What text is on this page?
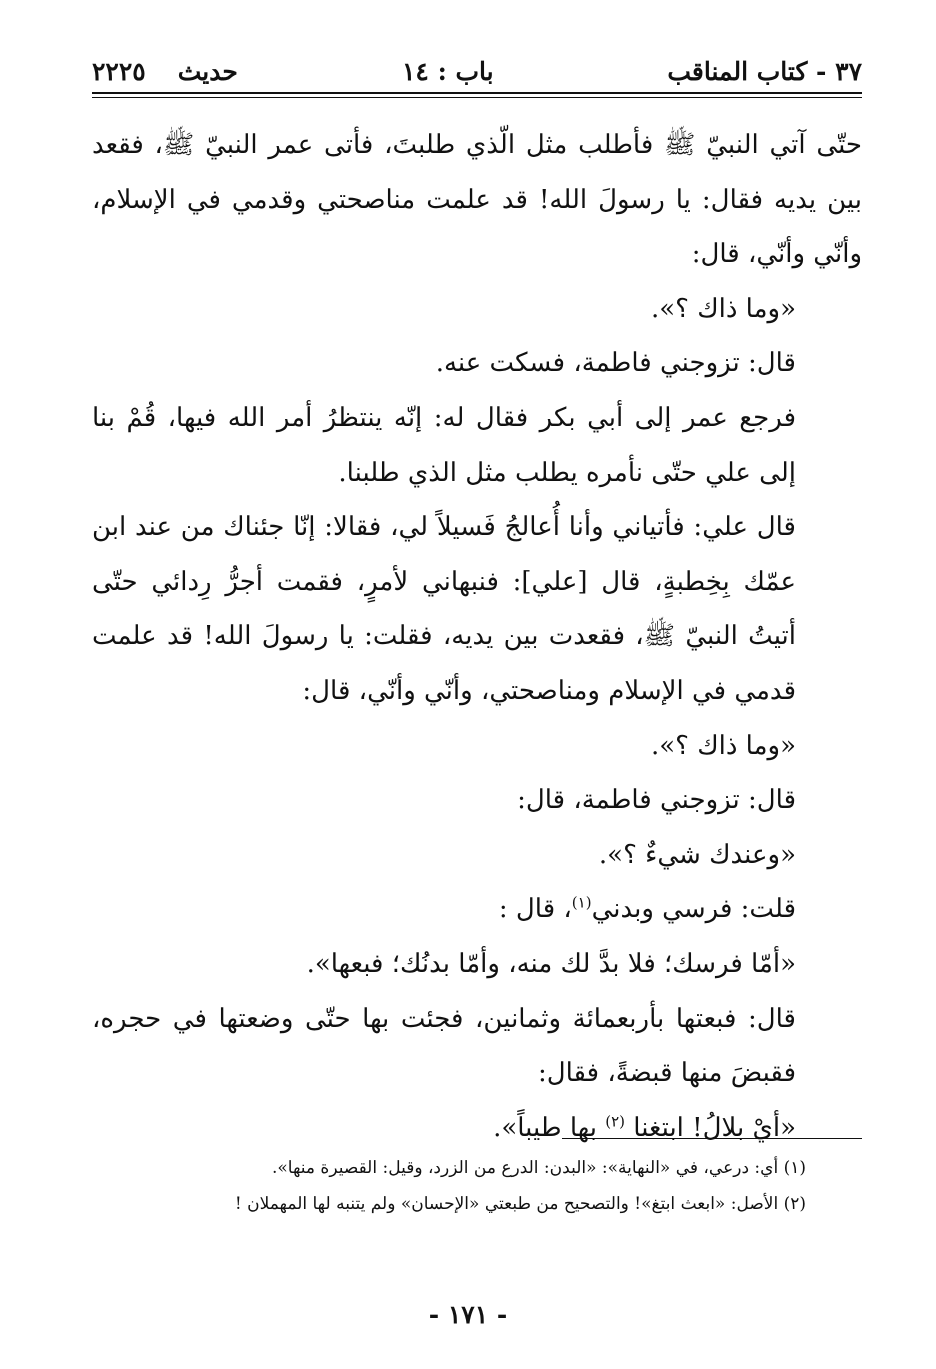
٣٧ - كتاب المناقب
باب : ١٤
حديث٢٢٢٥

حتّى آتي النبيّ ﷺ فأطلب مثل الّذي طلبتَ، فأتى عمر النبيّ ﷺ، فقعد بين يديه فقال: يا رسولَ الله! قد علمت مناصحتي وقدمي في الإسلام، وأنّي وأنّي، قال:

«وما ذاك ؟».

قال: تزوجني فاطمة، فسكت عنه.

فرجع عمر إلى أبي بكر فقال له: إنّه ينتظرُ أمر الله فيها، قُمْ بنا إلى علي حتّى نأمره يطلب مثل الذي طلبنا.

قال علي: فأتياني وأنا أُعالجُ فَسيلاً لي، فقالا: إنّا جئناك من عند ابن عمّك بِخِطبةٍ، قال [علي]: فنبهاني لأمرٍ، فقمت أجرُّ رِدائي حتّى أتيتُ النبيّ ﷺ، فقعدت بين يديه، فقلت: يا رسولَ الله! قد علمت قدمي في الإسلام ومناصحتي، وأنّي وأنّي، قال:

«وما ذاك ؟».

قال: تزوجني فاطمة، قال:

«وعندك شيءٌ ؟».

قلت: فرسي وبدني$^{(١)}$، قال :

«أمّا فرسك؛ فلا بدَّ لك منه، وأمّا بدنُك؛ فبعها».

قال: فبعتها بأربعمائة وثمانين، فجئت بها حتّى وضعتها في حجره، فقبضَ منها قبضةً، فقال:

«أيْ بلالُ! ابتغنا $^{(٢)}$ بها طيباً».

(١) أي: درعي، في «النهاية»: «البدن: الدرع من الزرد، وقيل: القصيرة منها».

(٢) الأصل: «ابعث ابتغ»! والتصحيح من طبعتي «الإحسان» ولم يتنبه لها المهملان !

- ١٧١ -
